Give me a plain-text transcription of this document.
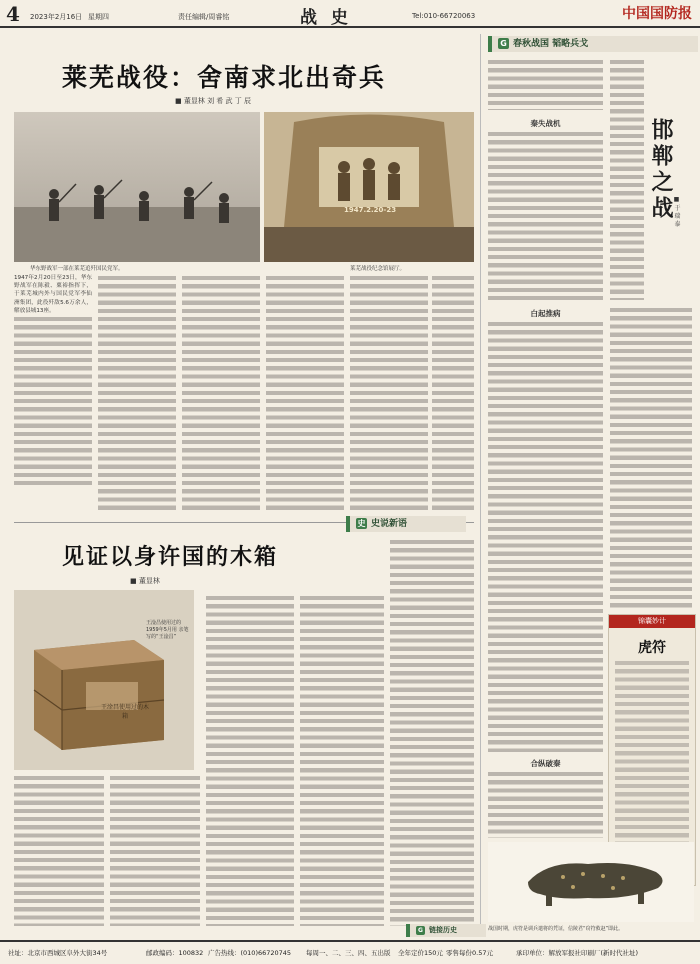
4 2023年2月16日 星期四	责任编辑/周睿铭	战 史	Tel:010-66720063	中国国防报
莱芜战役：舍南求北出奇兵
■ 董显林 刘 希 武 丁 辰
华东野战军一部在莱芜追歼国民党军。
1947.2.20-23
莱芜战役纪念馆展厅。
1947年2月20日至23日，华东野战军在陈毅、粟裕指挥下，于莱芜城内外与国民党军李仙洲集团，此役歼敌5.6万余人，解放县城13座。
史 史说新语
见证以身许国的木箱
■ 董显林
王淦昌使用过的木箱
王淦昌使用过的 1959年5月用 亲笔写的“王淦昌”
G 春秋战国 韬略兵戈
秦失战机	邯郸之战 ■ 于 瑞 泰
白起推病
锦囊妙计
虎符
合纵破秦
G 链接历史	战国时期，虎符是调兵遣将的凭证，信陵君“窃符救赵”即此。
社址：北京市西城区阜外大街34号	邮政编码：100832 广告热线：(010)66720745 每周一、二、三、四、五出版 全年定价150元 零售每份0.57元	承印单位：解放军报社印刷厂(新时代社址)
